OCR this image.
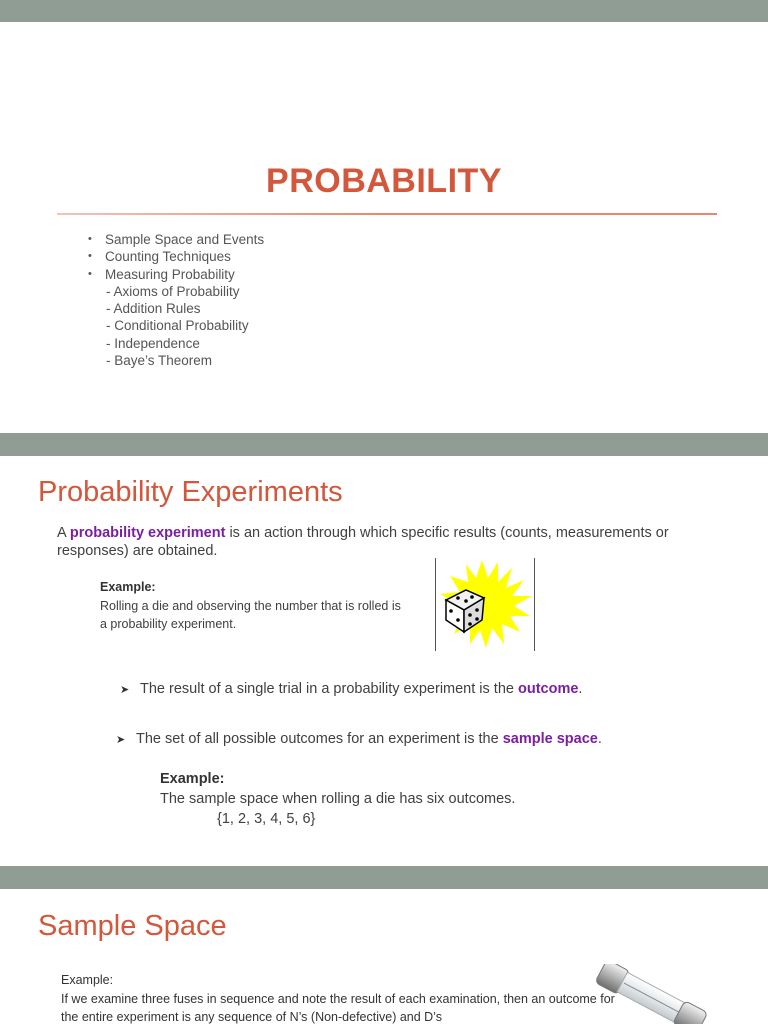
PROBABILITY
• Sample Space and Events
• Counting Techniques
• Measuring Probability
- Axioms of Probability
- Addition Rules
- Conditional Probability
- Independence
- Baye’s Theorem
Probability Experiments
A probability experiment is an action through which specific results (counts, measurements or responses) are obtained.
Example:
Rolling a die and observing the number that is rolled is a probability experiment.
➤ The result of a single trial in a probability experiment is the outcome.
➤ The set of all possible outcomes for an experiment is the sample space.
Example:
The sample space when rolling a die has six outcomes.
{1, 2, 3, 4, 5, 6}
Sample Space
Example:
If we examine three fuses in sequence and note the result of each examination, then an outcome for the entire experiment is any sequence of N’s (Non-defective) and D’s
